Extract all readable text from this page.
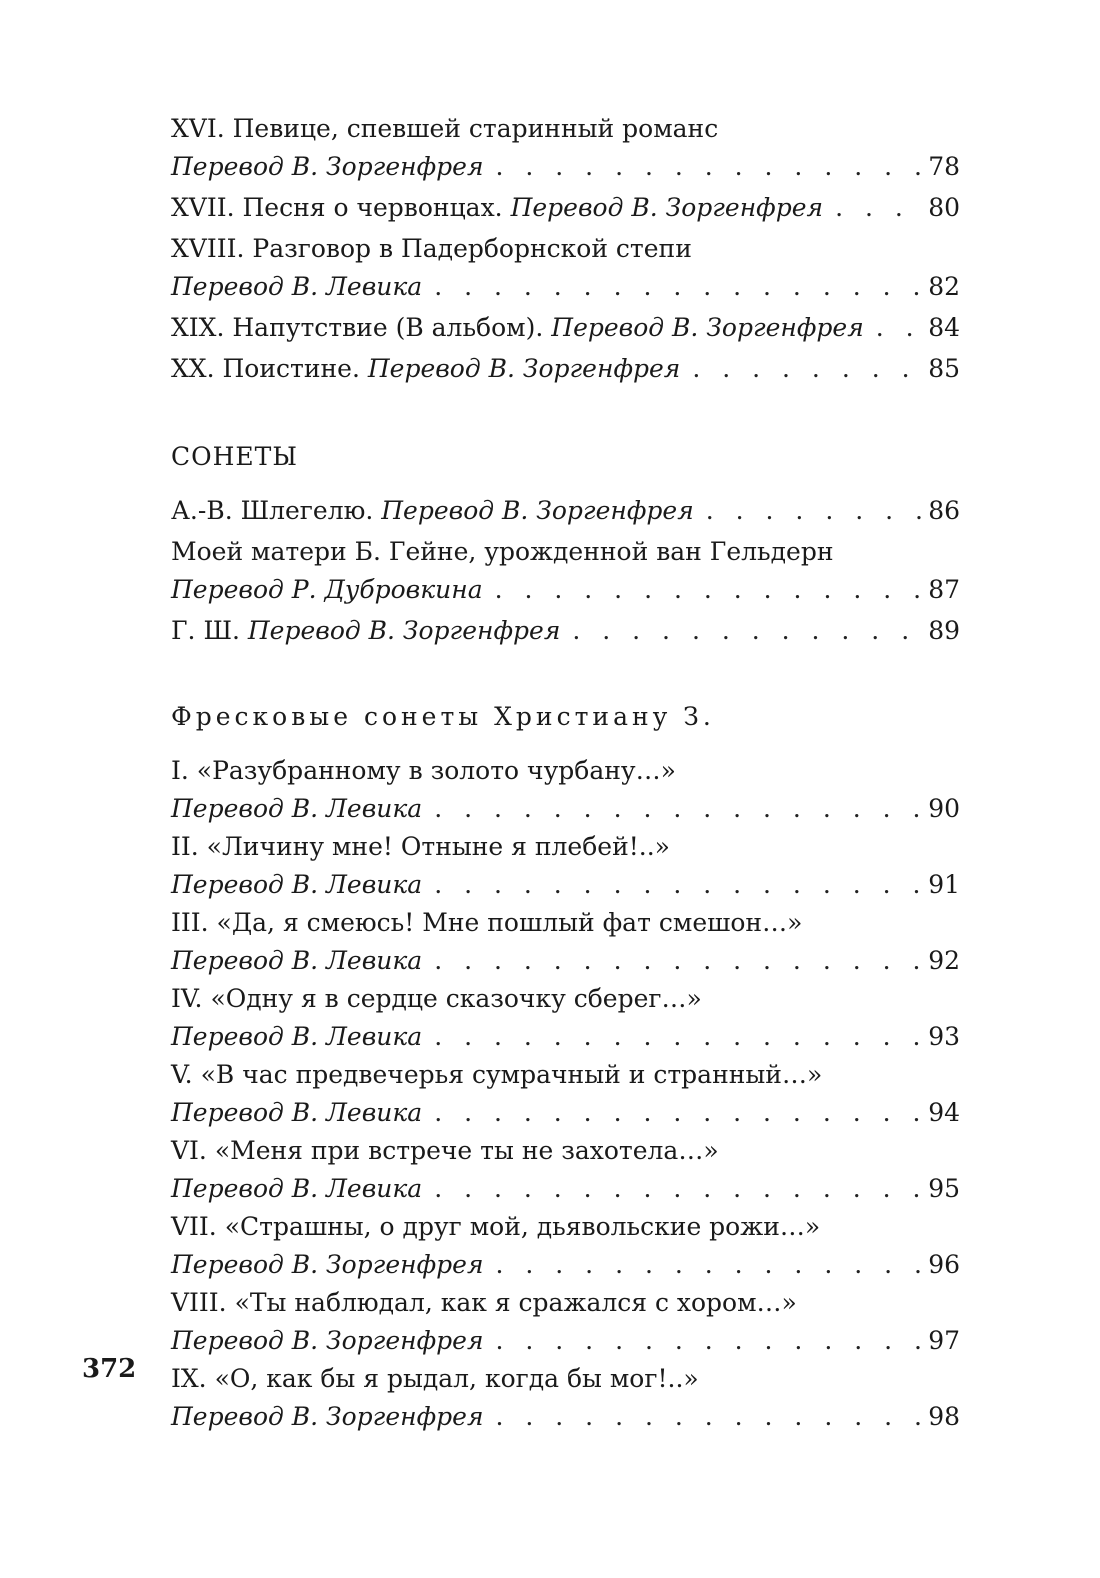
XVI. Певице, спевшей старинный романс
Перевод В. Зоргенфрея . . .	78
XVII. Песня о червонцах.
Перевод В. Зоргенфрея . . .	80
XVIII. Разговор в Падерборнской степи
Перевод В. Левика . . .	82
XIX. Напутствие (В альбом).
Перевод В. Зоргенфрея . . .	84
XX. Поистине.
Перевод В. Зоргенфрея . . .	85
СОНЕТЫ
А.-В. Шлегелю.
Перевод В. Зоргенфрея . . .	86
Моей матери Б. Гейне, урожденной ван Гельдерн
Перевод Р. Дубровкина . . .	87
Г. Ш.
Перевод В. Зоргенфрея . . .	89
Фресковые сонеты Христиану З.
I. «Разубранному в золото чурбану…»
Перевод В. Левика . . .	90
II. «Личину мне! Отныне я плебей!..»
Перевод В. Левика . . .	91
III. «Да, я смеюсь! Мне пошлый фат смешон…»
Перевод В. Левика . . .	92
IV. «Одну я в сердце сказочку сберег…»
Перевод В. Левика . . .	93
V. «В час предвечерья сумрачный и странный…»
Перевод В. Левика . . .	94
VI. «Меня при встрече ты не захотела…»
Перевод В. Левика . . .	95
VII. «Страшны, о друг мой, дьявольские рожи…»
Перевод В. Зоргенфрея . . .	96
VIII. «Ты наблюдал, как я сражался с хором…»
Перевод В. Зоргенфрея . . .	97
IX. «О, как бы я рыдал, когда бы мог!..»
Перевод В. Зоргенфрея . . .	98
372
